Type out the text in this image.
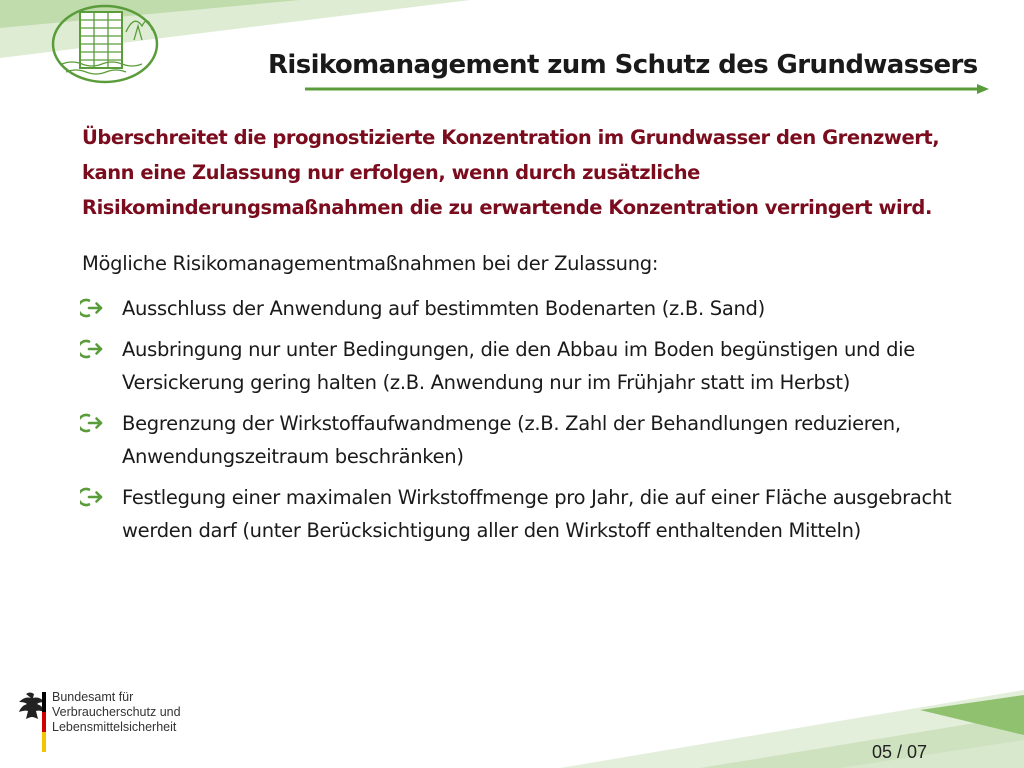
Risikomanagement zum Schutz des Grundwassers

Überschreitet die prognostizierte Konzentration im Grundwasser den Grenzwert, kann eine Zulassung nur erfolgen, wenn durch zusätzliche Risikominderungsmaßnahmen die zu erwartende Konzentration verringert wird.

Mögliche Risikomanagementmaßnahmen bei der Zulassung:

Ausschluss der Anwendung auf bestimmten Bodenarten (z.B. Sand)
Ausbringung nur unter Bedingungen, die den Abbau im Boden begünstigen und die Versickerung gering halten (z.B. Anwendung nur im Frühjahr statt im Herbst)
Begrenzung der Wirkstoffaufwandmenge (z.B. Zahl der Behandlungen reduzieren, Anwendungszeitraum beschränken)
Festlegung einer maximalen Wirkstoffmenge pro Jahr, die auf einer Fläche ausgebracht werden darf (unter Berücksichtigung aller den Wirkstoff enthaltenden Mitteln)
Bundesamt für
Verbraucherschutz und
Lebensmittelsicherheit
05 / 07
